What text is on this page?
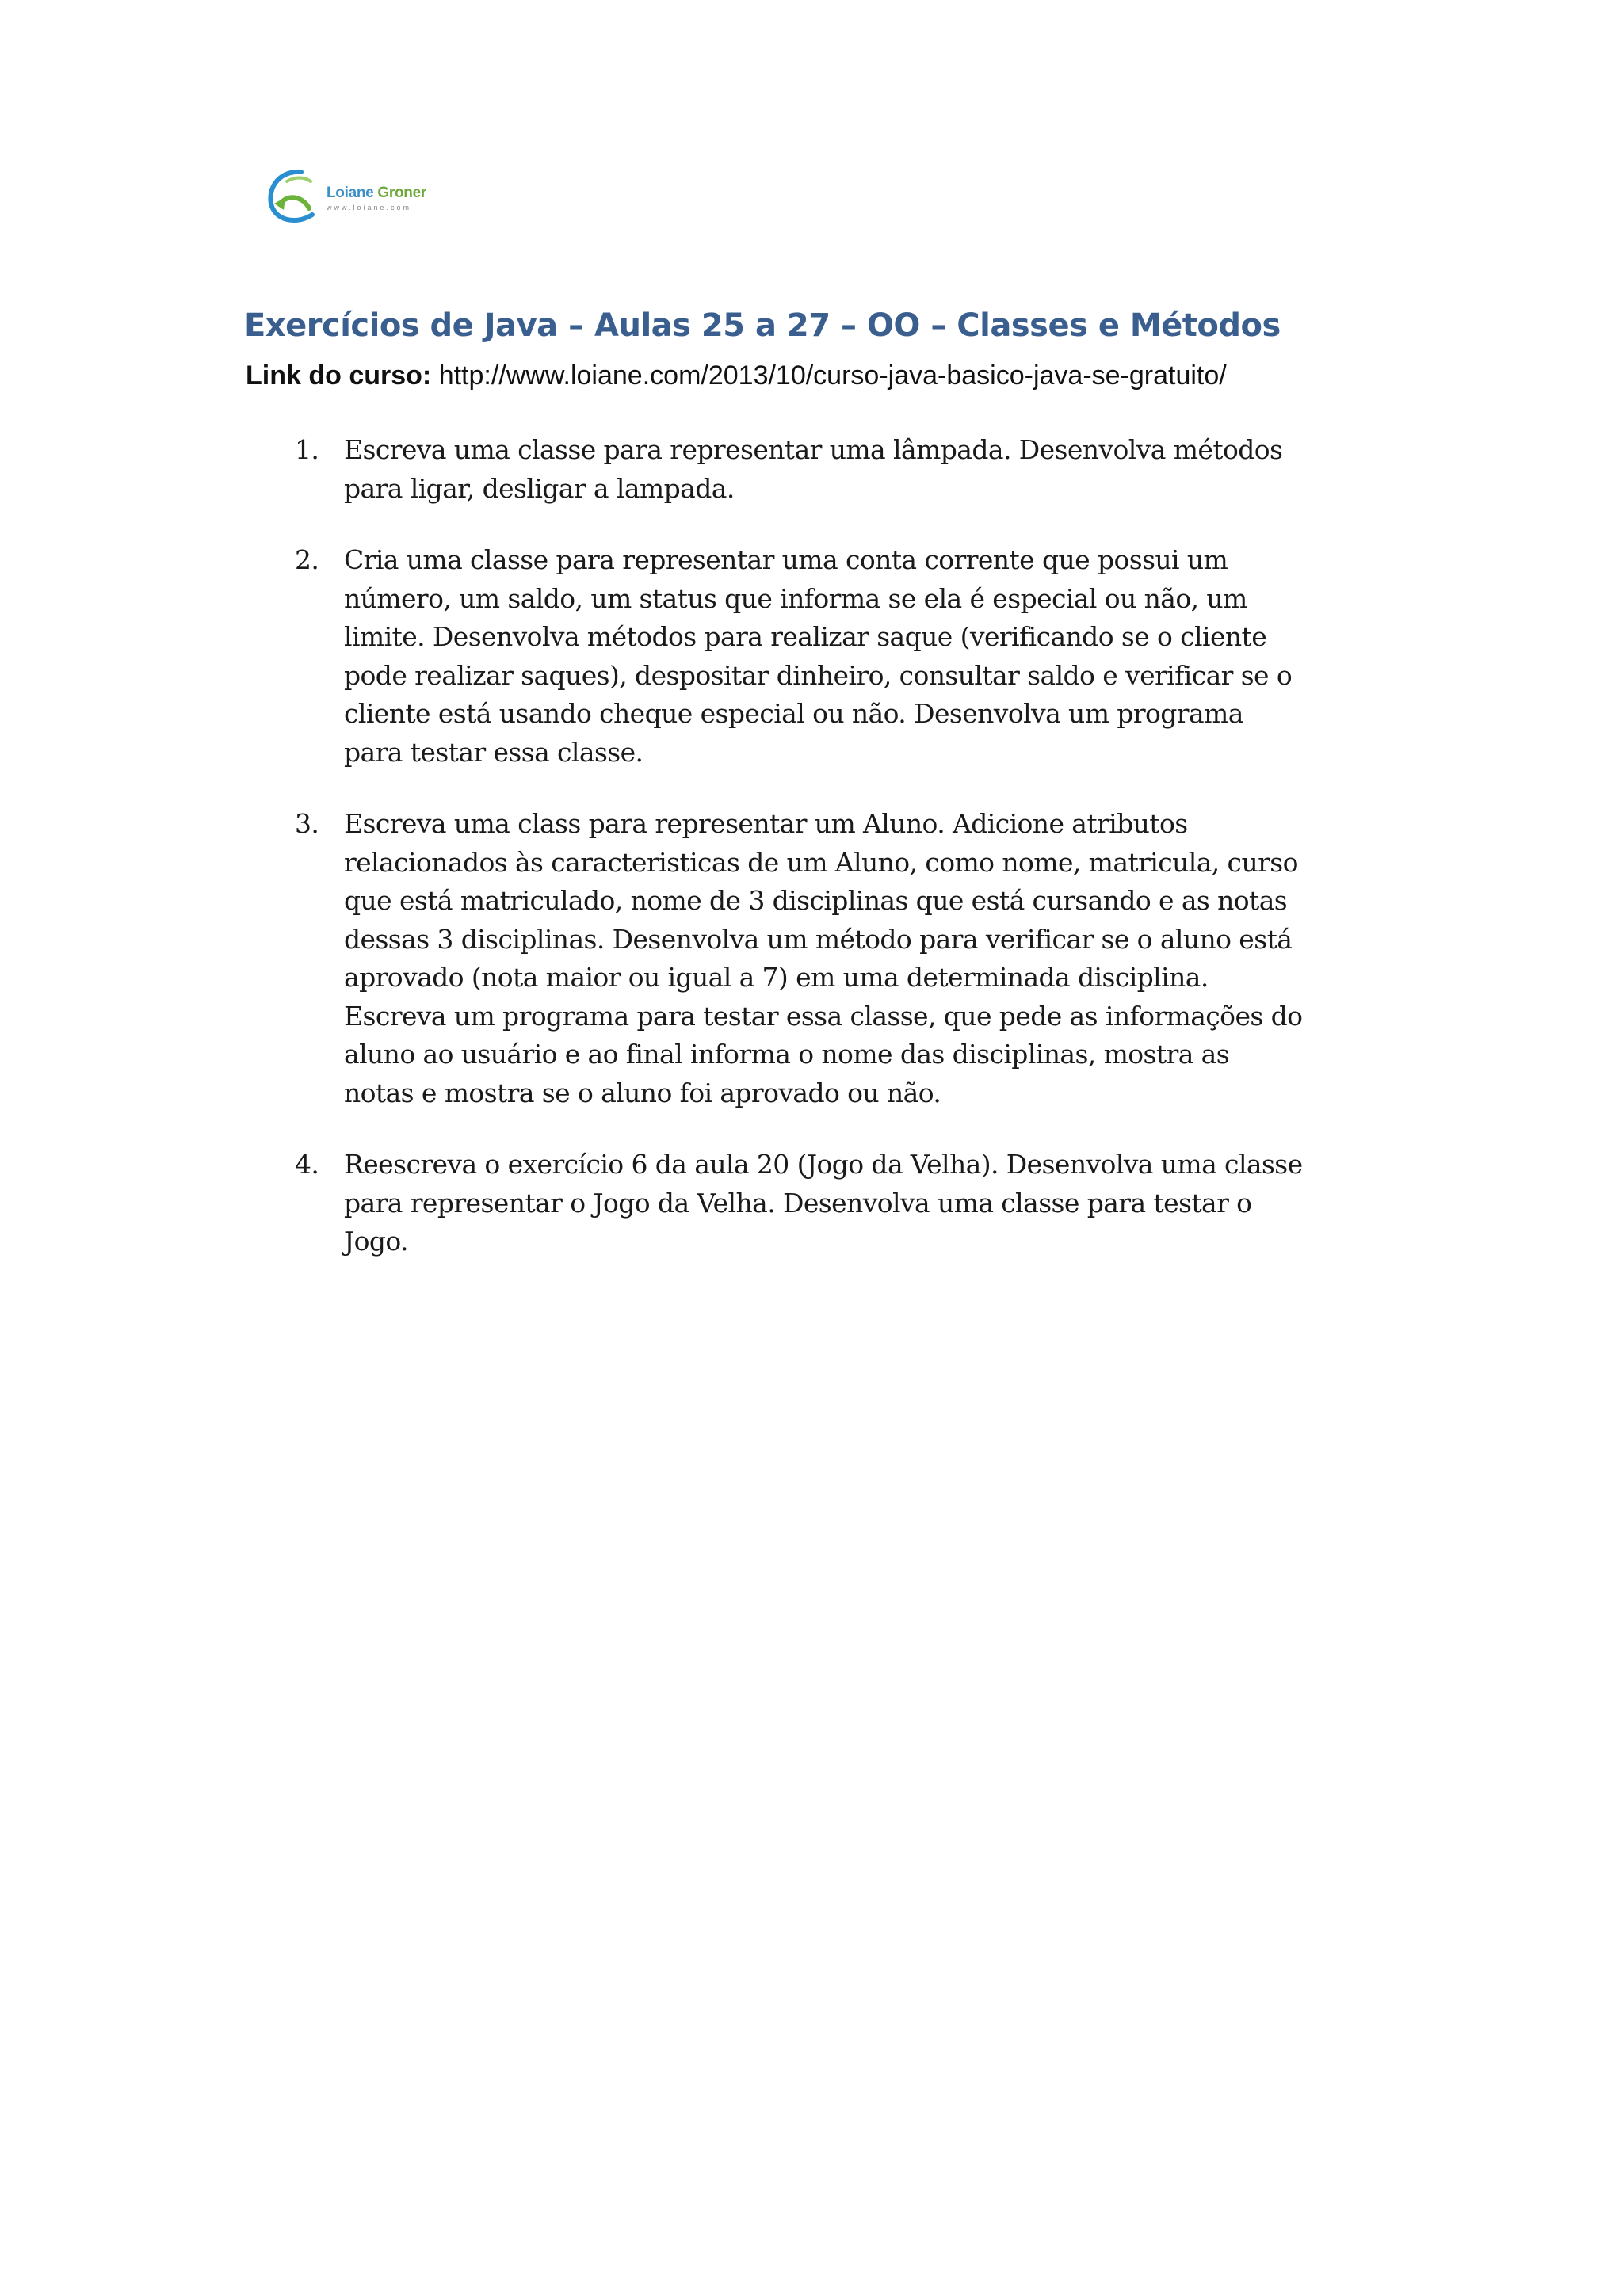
Loiane Groner
www.loiane.com
Exercícios de Java – Aulas 25 a 27 – OO – Classes e Métodos
Link do curso: http://www.loiane.com/2013/10/curso-java-basico-java-se-gratuito/
1. Escreva uma classe para representar uma lâmpada. Desenvolva métodos
para ligar, desligar a lampada.
2. Cria uma classe para representar uma conta corrente que possui um
número, um saldo, um status que informa se ela é especial ou não, um
limite. Desenvolva métodos para realizar saque (verificando se o cliente
pode realizar saques), despositar dinheiro, consultar saldo e verificar se o
cliente está usando cheque especial ou não. Desenvolva um programa
para testar essa classe.
3. Escreva uma class para representar um Aluno. Adicione atributos
relacionados às caracteristicas de um Aluno, como nome, matricula, curso
que está matriculado, nome de 3 disciplinas que está cursando e as notas
dessas 3 disciplinas. Desenvolva um método para verificar se o aluno está
aprovado (nota maior ou igual a 7) em uma determinada disciplina.
Escreva um programa para testar essa classe, que pede as informações do
aluno ao usuário e ao final informa o nome das disciplinas, mostra as
notas e mostra se o aluno foi aprovado ou não.
4. Reescreva o exercício 6 da aula 20 (Jogo da Velha). Desenvolva uma classe
para representar o Jogo da Velha. Desenvolva uma classe para testar o
Jogo.
